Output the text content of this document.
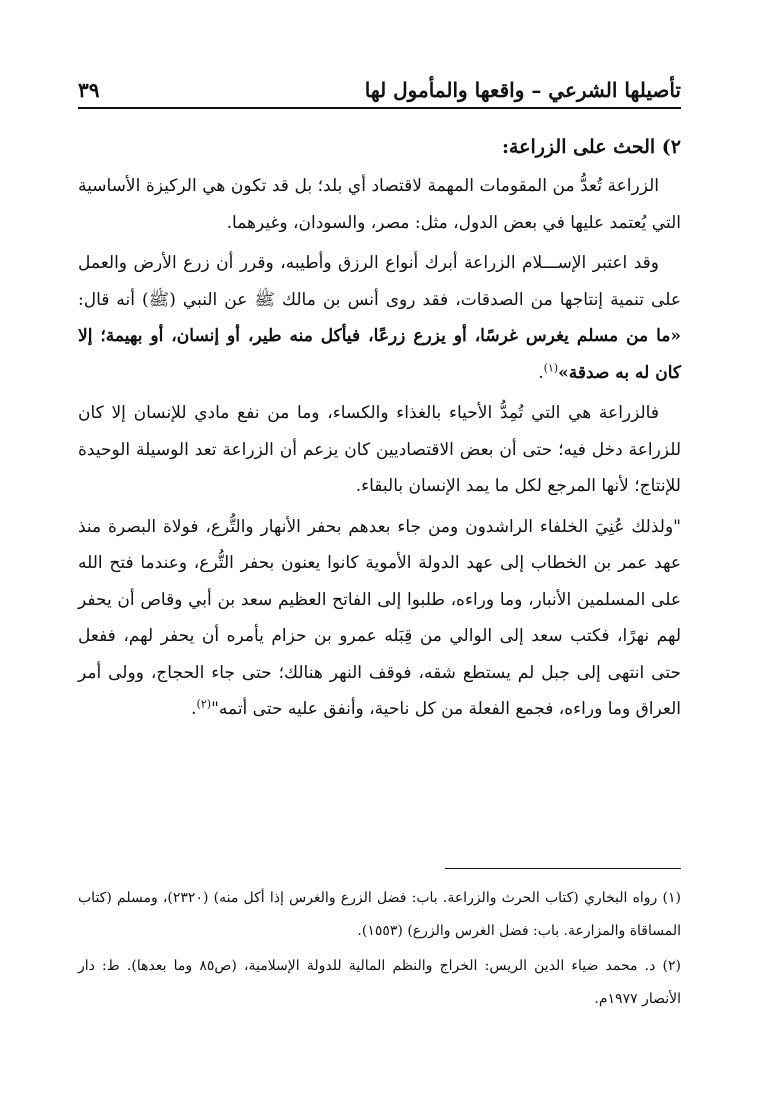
تأصيلها الشرعي – واقعها والمأمول لها
٣٩

٢) الحث على الزراعة:

الزراعة تُعدُّ من المقومات المهمة لاقتصاد أي بلد؛ بل قد تكون هي الركيزة الأساسية التي يُعتمد عليها في بعض الدول، مثل: مصر، والسودان، وغيرهما.

وقد اعتبر الإســـلام الزراعة أبرك أنواع الرزق وأطيبه، وقرر أن زرع الأرض والعمل على تنمية إنتاجها من الصدقات، فقد روى أنس بن مالك ﷺ عن النبي (ﷺ) أنه قال: «ما من مسلم يغرس غرسًا، أو يزرع زرعًا، فيأكل منه طير، أو إنسان، أو بهيمة؛ إلا كان له به صدقة»$^{(١)}$.

فالزراعة هي التي تُمِدُّ الأحياء بالغذاء والكساء، وما من نفع مادي للإنسان إلا كان للزراعة دخل فيه؛ حتى أن بعض الاقتصاديين كان يزعم أن الزراعة تعد الوسيلة الوحيدة للإنتاج؛ لأنها المرجع لكل ما يمد الإنسان بالبقاء.

"ولذلك عُنِيَ الخلفاء الراشدون ومن جاء بعدهم بحفر الأنهار والتُّرع، فولاة البصرة منذ عهد عمر بن الخطاب إلى عهد الدولة الأموية كانوا يعنون بحفر التُّرع، وعندما فتح الله على المسلمين الأنبار، وما وراءه، طلبوا إلى الفاتح العظيم سعد بن أبي وقاص أن يحفر لهم نهرًا، فكتب سعد إلى الوالي من قِبَله عمرو بن حزام يأمره أن يحفر لهم، ففعل حتى انتهى إلى جبل لم يستطع شقه، فوقف النهر هنالك؛ حتى جاء الحجاج، وولى أمر العراق وما وراءه، فجمع الفعلة من كل ناحية، وأنفق عليه حتى أتمه"$^{(٢)}$.

(١) رواه البخاري (كتاب الحرث والزراعة. باب: فضل الزرع والغرس إذا أكل منه) (٢٣٢٠)، ومسلم (كتاب المساقاة والمزارعة. باب: فضل الغرس والزرع) (١٥٥٣).

(٢) د. محمد ضياء الدين الريس: الخراج والنظم المالية للدولة الإسلامية، (ص٨٥ وما بعدها). ط: دار الأنصار ١٩٧٧م.
